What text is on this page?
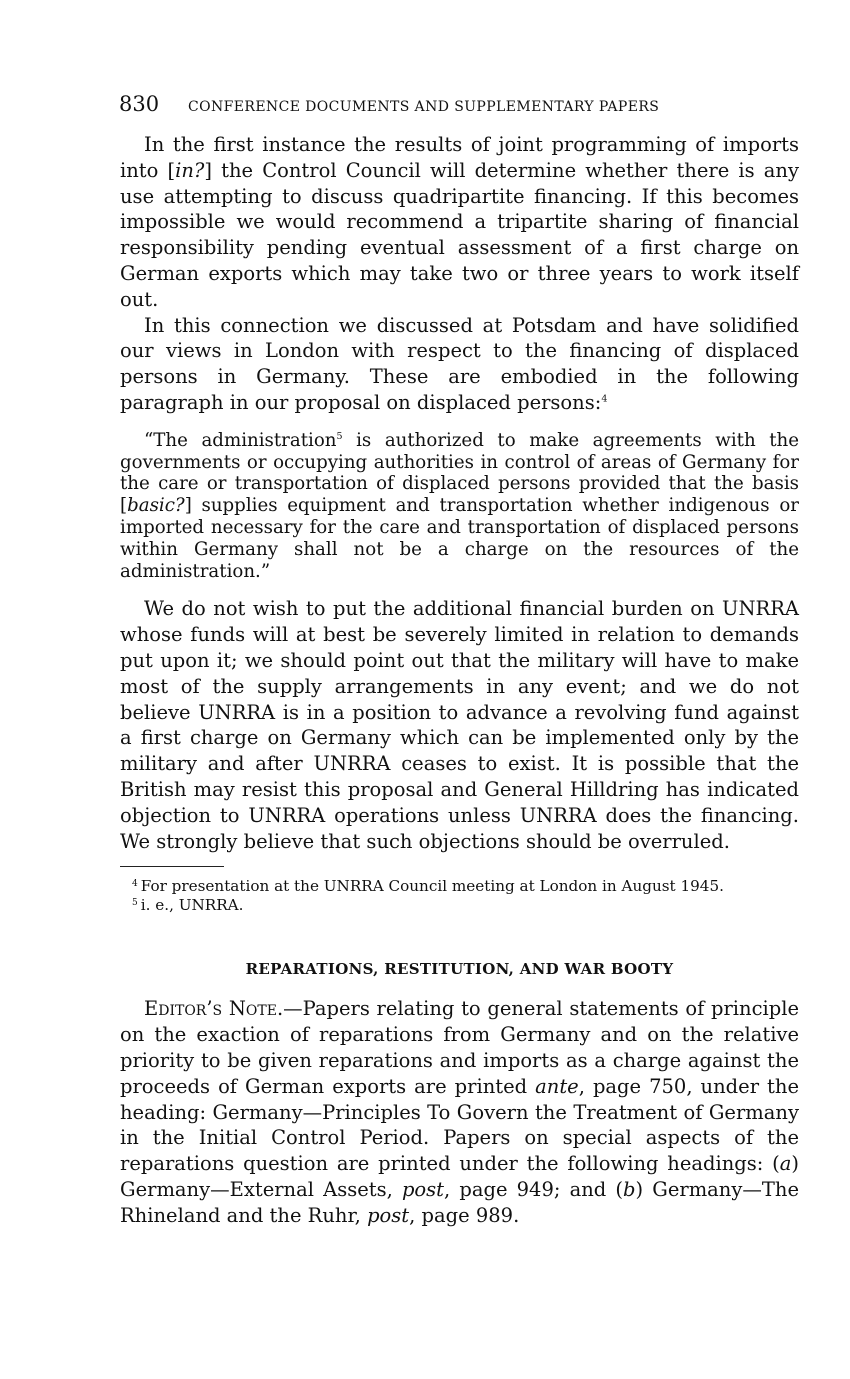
830	CONFERENCE DOCUMENTS AND SUPPLEMENTARY PAPERS

In the first instance the results of joint programming of imports into [in?] the Control Council will determine whether there is any use attempting to discuss quadripartite financing. If this becomes impossible we would recommend a tripartite sharing of financial responsibility pending eventual assessment of a first charge on German exports which may take two or three years to work itself out.

In this connection we discussed at Potsdam and have solidified our views in London with respect to the financing of displaced persons in Germany. These are embodied in the following paragraph in our proposal on displaced persons:$^4$

“The administration$^5$ is authorized to make agreements with the governments or occupying authorities in control of areas of Germany for the care or transportation of displaced persons provided that the basis [basic?] supplies equipment and transportation whether indigenous or imported necessary for the care and transportation of displaced persons within Germany shall not be a charge on the resources of the administration.”

We do not wish to put the additional financial burden on UNRRA whose funds will at best be severely limited in relation to demands put upon it; we should point out that the military will have to make most of the supply arrangements in any event; and we do not believe UNRRA is in a position to advance a revolving fund against a first charge on Germany which can be implemented only by the military and after UNRRA ceases to exist. It is possible that the British may resist this proposal and General Hilldring has indicated objection to UNRRA operations unless UNRRA does the financing. We strongly believe that such objections should be overruled.

$^4$ For presentation at the UNRRA Council meeting at London in August 1945.

$^5$ i. e., UNRRA.

REPARATIONS, RESTITUTION, AND WAR BOOTY

Editor’s Note.—Papers relating to general statements of principle on the exaction of reparations from Germany and on the relative priority to be given reparations and imports as a charge against the proceeds of German exports are printed ante, page 750, under the heading: Germany—Principles To Govern the Treatment of Germany in the Initial Control Period. Papers on special aspects of the reparations question are printed under the following headings: (a) Germany—External Assets, post, page 949; and (b) Germany—The Rhineland and the Ruhr, post, page 989.
